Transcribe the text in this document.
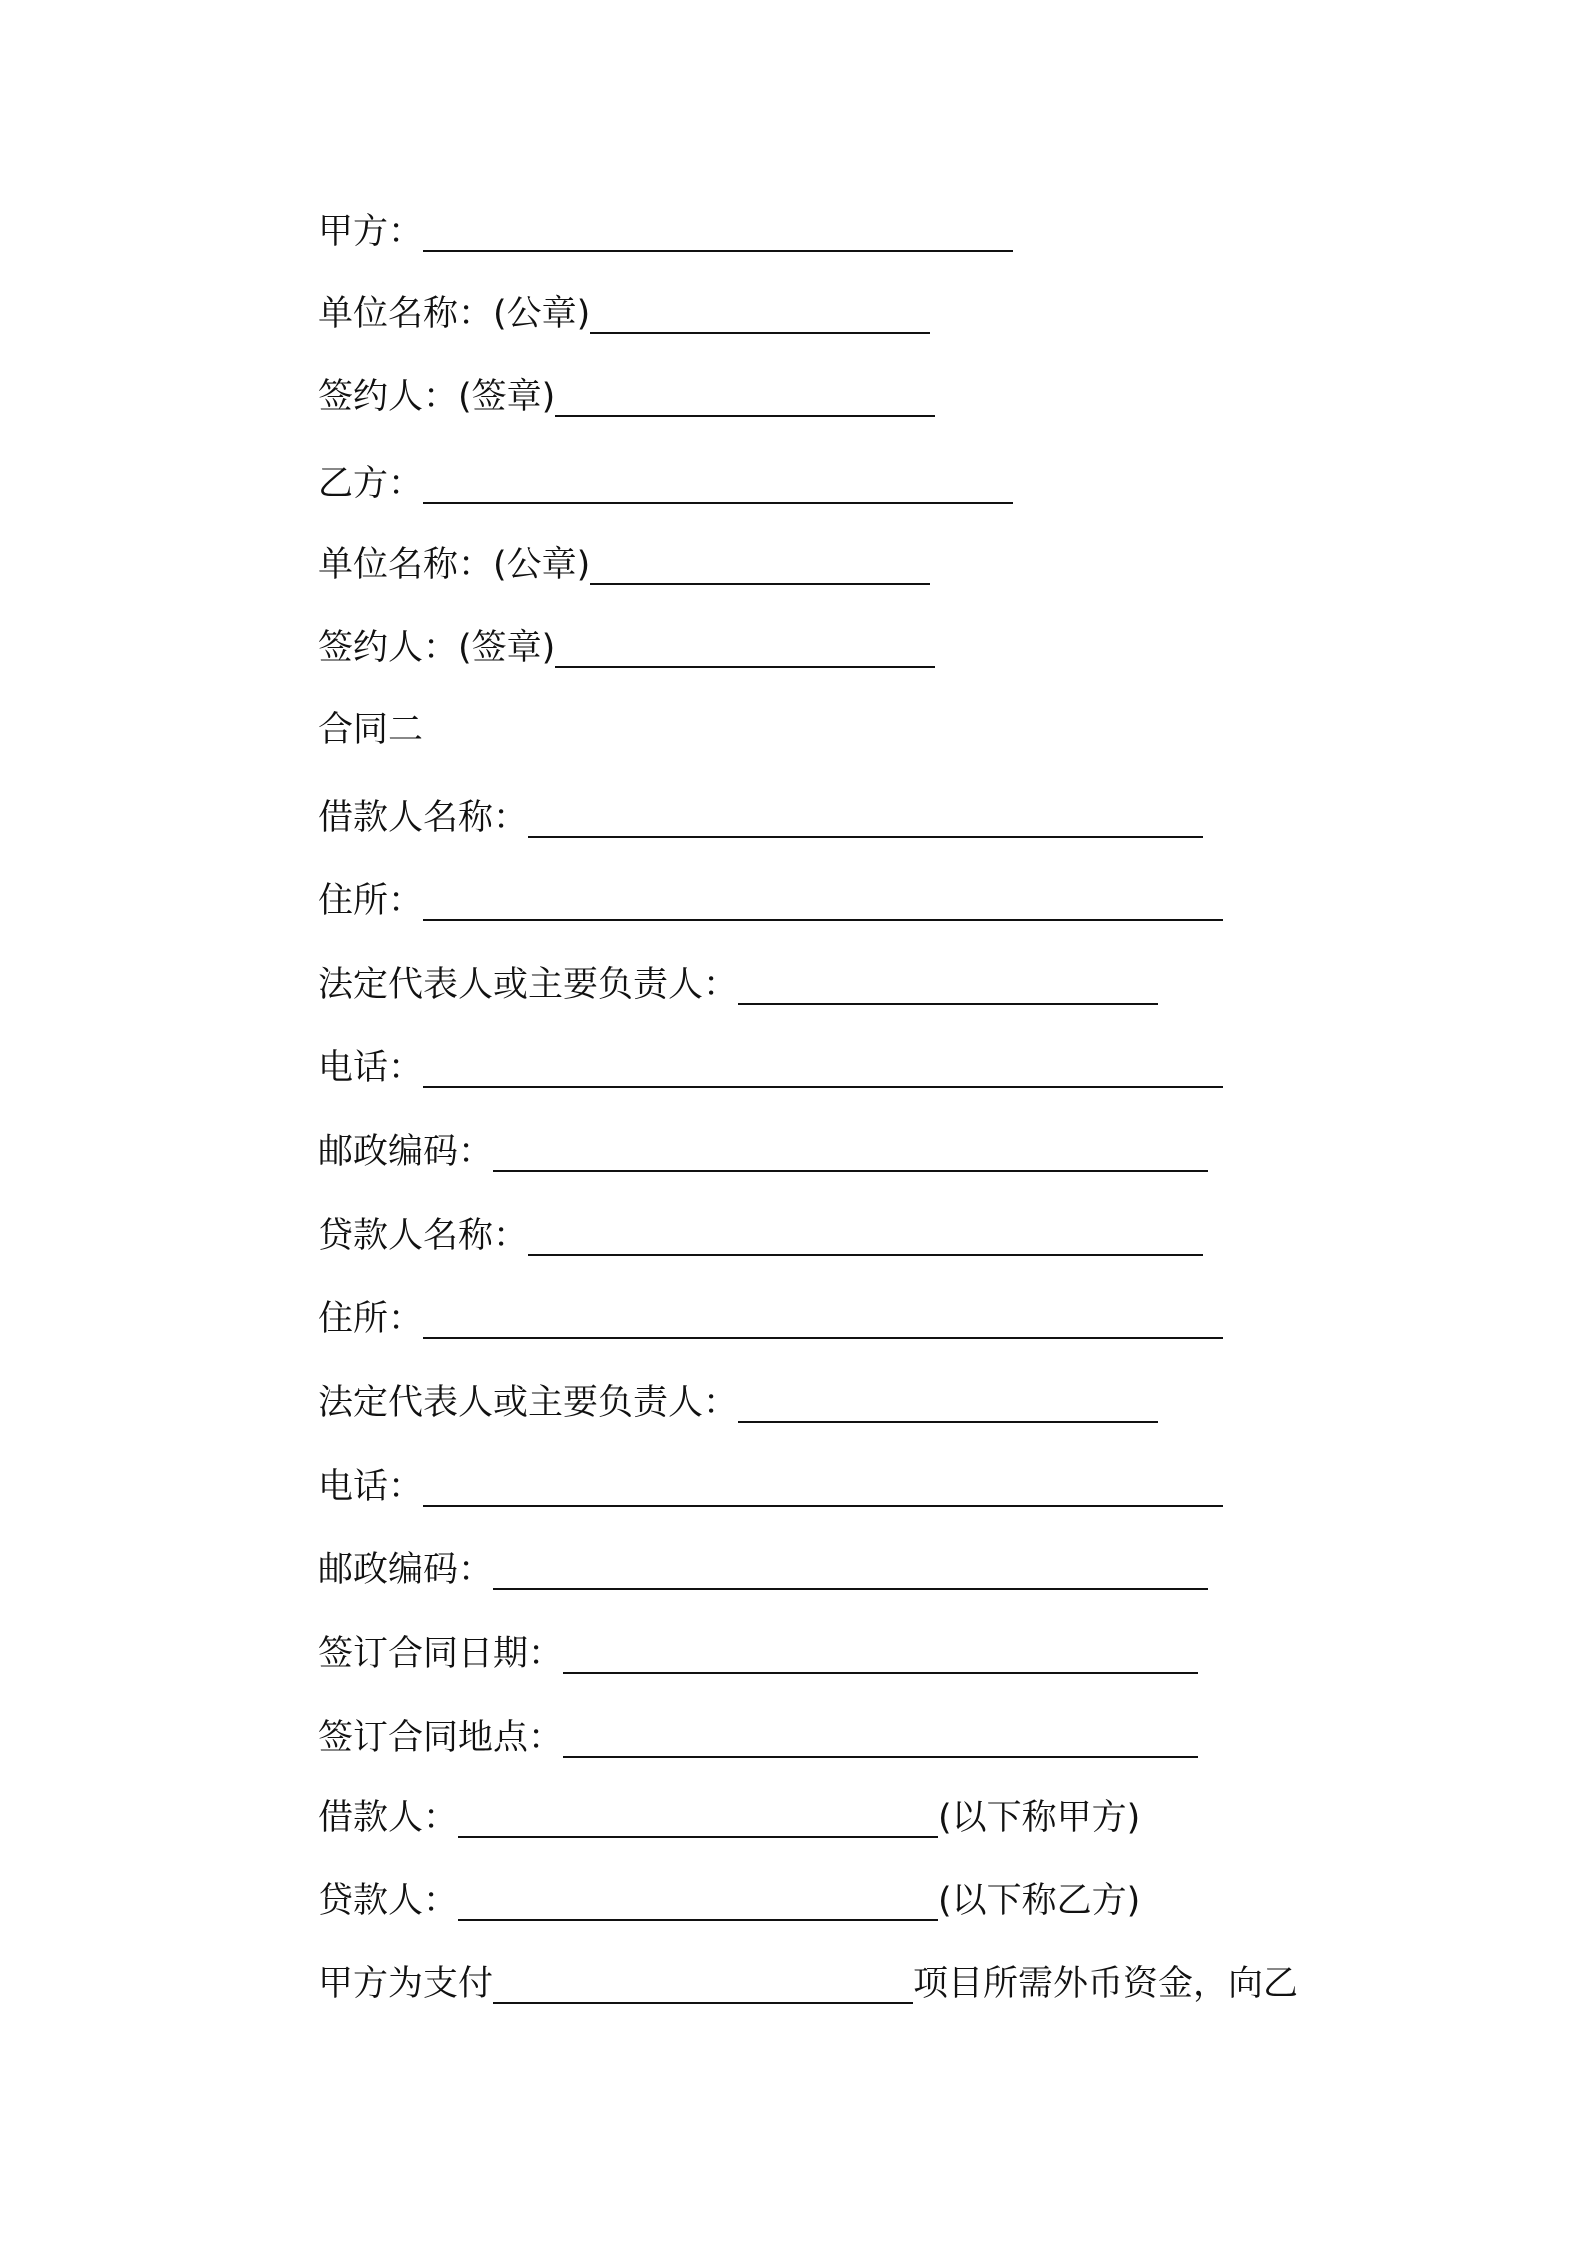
甲方：
单位名称：(公章)
签约人：(签章)
乙方：
单位名称：(公章)
签约人：(签章)
合同二
借款人名称：
住所：
法定代表人或主要负责人：
电话：
邮政编码：
贷款人名称：
住所：
法定代表人或主要负责人：
电话：
邮政编码：
签订合同日期：
签订合同地点：
借款人：	(以下称甲方)
贷款人：	(以下称乙方)
甲方为支付	项目所需外币资金，向乙
